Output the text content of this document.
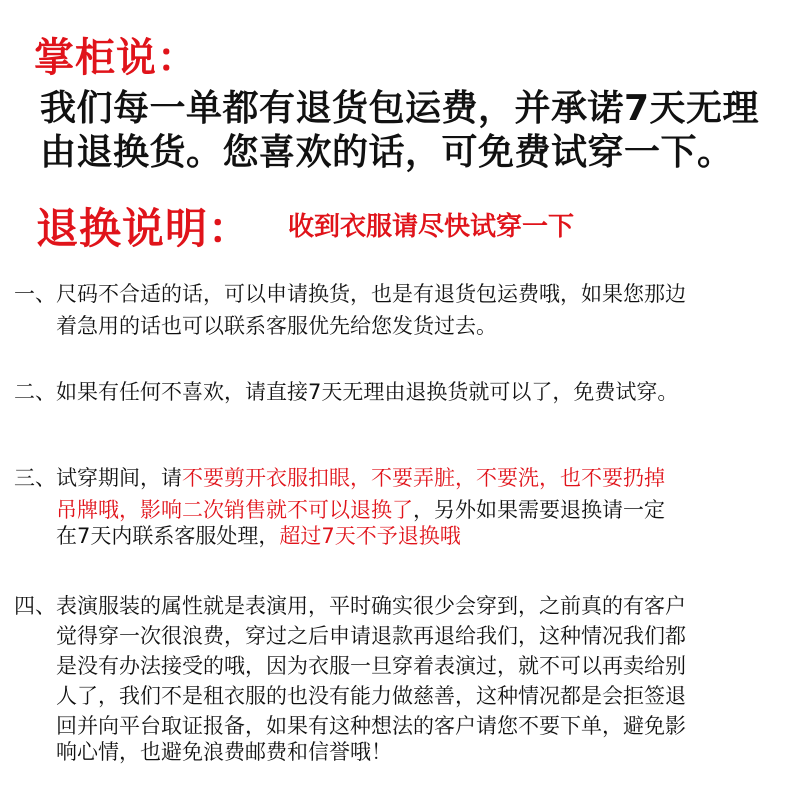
掌柜说：
我们每一单都有退货包运费，并承诺7天无理
由退换货。您喜欢的话，可免费试穿一下。
退换说明： 收到衣服请尽快试穿一下
一、尺码不合适的话，可以申请换货，也是有退货包运费哦，如果您那边
着急用的话也可以联系客服优先给您发货过去。
二、如果有任何不喜欢，请直接7天无理由退换货就可以了，免费试穿。
三、试穿期间，请不要剪开衣服扣眼，不要弄脏，不要洗，也不要扔掉
吊牌哦，影响二次销售就不可以退换了，另外如果需要退换请一定
在7天内联系客服处理，超过7天不予退换哦
四、表演服装的属性就是表演用，平时确实很少会穿到，之前真的有客户
觉得穿一次很浪费，穿过之后申请退款再退给我们，这种情况我们都
是没有办法接受的哦，因为衣服一旦穿着表演过，就不可以再卖给别
人了，我们不是租衣服的也没有能力做慈善，这种情况都是会拒签退
回并向平台取证报备，如果有这种想法的客户请您不要下单，避免影
响心情，也避免浪费邮费和信誉哦！
